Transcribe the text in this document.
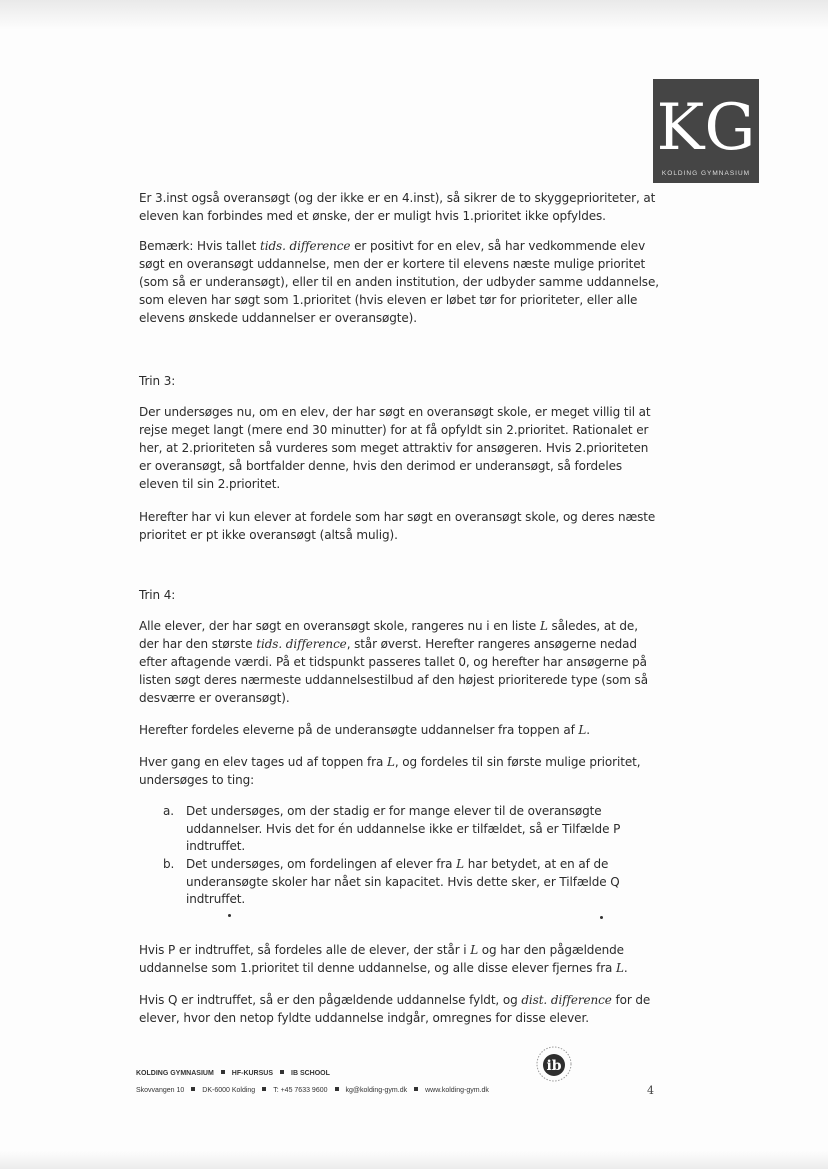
KG
KOLDING GYMNASIUM

Er 3.inst også overansøgt (og der ikke er en 4.inst), så sikrer de to skyggeprioriteter, at eleven kan forbindes med et ønske, der er muligt hvis 1.prioritet ikke opfyldes.

Bemærk: Hvis tallet tids. difference er positivt for en elev, så har vedkommende elev søgt en overansøgt uddannelse, men der er kortere til elevens næste mulige prioritet (som så er underansøgt), eller til en anden institution, der udbyder samme uddannelse, som eleven har søgt som 1.prioritet (hvis eleven er løbet tør for prioriteter, eller alle elevens ønskede uddannelser er overansøgte).

Trin 3:

Der undersøges nu, om en elev, der har søgt en overansøgt skole, er meget villig til at rejse meget langt (mere end 30 minutter) for at få opfyldt sin 2.prioritet. Rationalet er her, at 2.prioriteten så vurderes som meget attraktiv for ansøgeren. Hvis 2.prioriteten er overansøgt, så bortfalder denne, hvis den derimod er underansøgt, så fordeles eleven til sin 2.prioritet.

Herefter har vi kun elever at fordele som har søgt en overansøgt skole, og deres næste prioritet er pt ikke overansøgt (altså mulig).

Trin 4:

Alle elever, der har søgt en overansøgt skole, rangeres nu i en liste L således, at de, der har den største tids. difference, står øverst. Herefter rangeres ansøgerne nedad efter aftagende værdi. På et tidspunkt passeres tallet 0, og herefter har ansøgerne på listen søgt deres nærmeste uddannelsestilbud af den højest prioriterede type (som så desværre er overansøgt).

Herefter fordeles eleverne på de underansøgte uddannelser fra toppen af L.

Hver gang en elev tages ud af toppen fra L, og fordeles til sin første mulige prioritet, undersøges to ting:

a. Det undersøges, om der stadig er for mange elever til de overansøgte uddannelser. Hvis det for én uddannelse ikke er tilfældet, så er Tilfælde P indtruffet.
b. Det undersøges, om fordelingen af elever fra L har betydet, at en af de underansøgte skoler har nået sin kapacitet. Hvis dette sker, er Tilfælde Q indtruffet.

Hvis P er indtruffet, så fordeles alle de elever, der står i L og har den pågældende uddannelse som 1.prioritet til denne uddannelse, og alle disse elever fjernes fra L.

Hvis Q er indtruffet, så er den pågældende uddannelse fyldt, og dist. difference for de elever, hvor den netop fyldte uddannelse indgår, omregnes for disse elever.

KOLDING GYMNASIUM	HF-KURSUS	IB SCHOOL
Skovvangen 10	DK-6000 Kolding	T: +45 7633 9600	kg@kolding-gym.dk	www.kolding-gym.dk
ib
4
